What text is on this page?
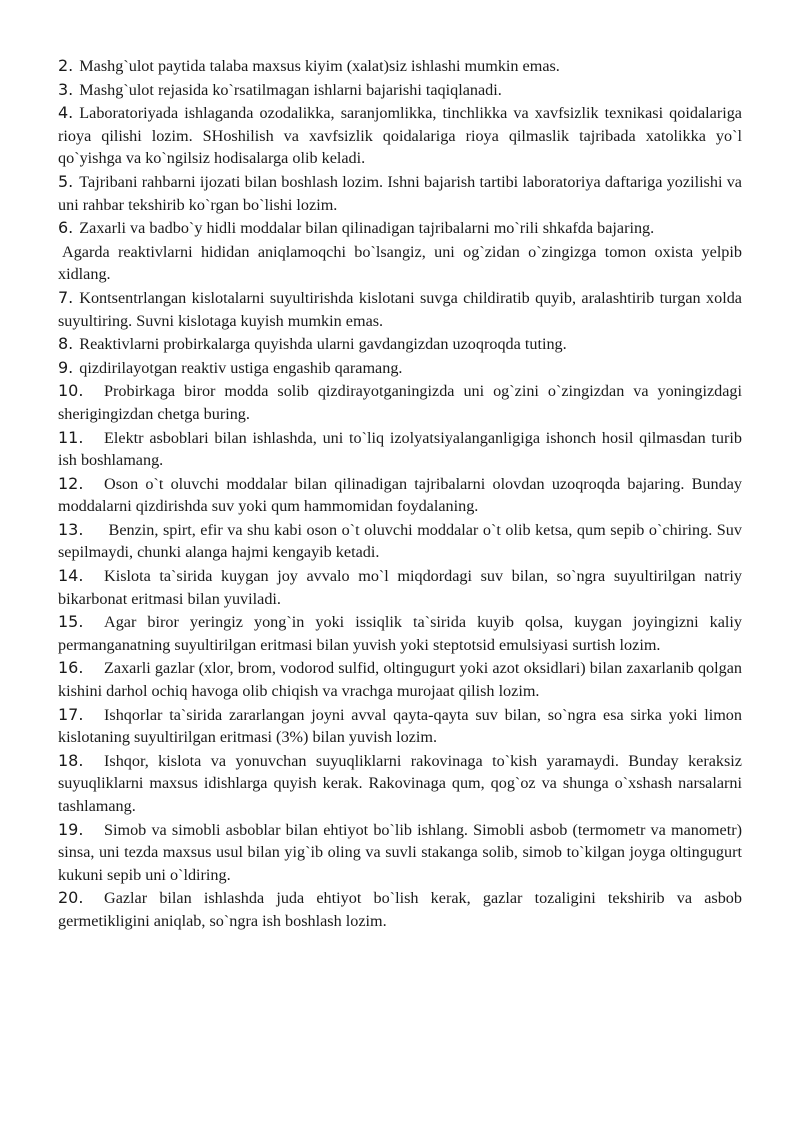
2. Mashg`ulot paytida talaba maxsus kiyim (xalat)siz ishlashi mumkin emas.

3. Mashg`ulot rejasida ko`rsatilmagan ishlarni bajarishi taqiqlanadi.

4. Laboratoriyada ishlaganda ozodalikka, saranjomlikka, tinchlikka va xavfsizlik texnikasi qoidalariga rioya qilishi lozim. SHoshilish va xavfsizlik qoidalariga rioya qilmaslik tajribada xatolikka yo`l qo`yishga va ko`ngilsiz hodisalarga olib keladi.

5. Tajribani rahbarni ijozati bilan boshlash lozim. Ishni bajarish tartibi laboratoriya daftariga yozilishi va uni rahbar tekshirib ko`rgan bo`lishi lozim.

6. Zaxarli va badbo`y hidli moddalar bilan qilinadigan tajribalarni mo`rili shkafda bajaring.

Agarda reaktivlarni hididan aniqlamoqchi bo`lsangiz, uni og`zidan o`zingizga tomon oxista yelpib xidlang.

7. Kontsentrlangan kislotalarni suyultirishda kislotani suvga childiratib quyib, aralashtirib turgan xolda suyultiring. Suvni kislotaga kuyish mumkin emas.

8. Reaktivlarni probirkalarga quyishda ularni gavdangizdan uzoqroqda tuting.

9. qizdirilayotgan reaktiv ustiga engashib qaramang.

10. Probirkaga biror modda solib qizdirayotganingizda uni og`zini o`zingizdan va yoningizdagi sherigingizdan chetga buring.

11. Elektr asboblari bilan ishlashda, uni to`liq izolyatsiyalanganligiga ishonch hosil qilmasdan turib ish boshlamang.

12. Oson o`t oluvchi moddalar bilan qilinadigan tajribalarni olovdan uzoqroqda bajaring. Bunday moddalarni qizdirishda suv yoki qum hammomidan foydalaning.

13. Benzin, spirt, efir va shu kabi oson o`t oluvchi moddalar o`t olib ketsa, qum sepib o`chiring. Suv sepilmaydi, chunki alanga hajmi kengayib ketadi.

14. Kislota ta`sirida kuygan joy avvalo mo`l miqdordagi suv bilan, so`ngra suyultirilgan natriy bikarbonat eritmasi bilan yuviladi.

15. Agar biror yeringiz yong`in yoki issiqlik ta`sirida kuyib qolsa, kuygan joyingizni kaliy permanganatning suyultirilgan eritmasi bilan yuvish yoki steptotsid emulsiyasi surtish lozim.

16. Zaxarli gazlar (xlor, brom, vodorod sulfid, oltingugurt yoki azot oksidlari) bilan zaxarlanib qolgan kishini darhol ochiq havoga olib chiqish va vrachga murojaat qilish lozim.

17. Ishqorlar ta`sirida zararlangan joyni avval qayta-qayta suv bilan, so`ngra esa sirka yoki limon kislotaning suyultirilgan eritmasi (3%) bilan yuvish lozim.

18. Ishqor, kislota va yonuvchan suyuqliklarni rakovinaga to`kish yaramaydi. Bunday keraksiz suyuqliklarni maxsus idishlarga quyish kerak. Rakovinaga qum, qog`oz va shunga o`xshash narsalarni tashlamang.

19. Simob va simobli asboblar bilan ehtiyot bo`lib ishlang. Simobli asbob (termometr va manometr) sinsa, uni tezda maxsus usul bilan yig`ib oling va suvli stakanga solib, simob to`kilgan joyga oltingugurt kukuni sepib uni o`ldiring.

20. Gazlar bilan ishlashda juda ehtiyot bo`lish kerak, gazlar tozaligini tekshirib va asbob germetikligini aniqlab, so`ngra ish boshlash lozim.
